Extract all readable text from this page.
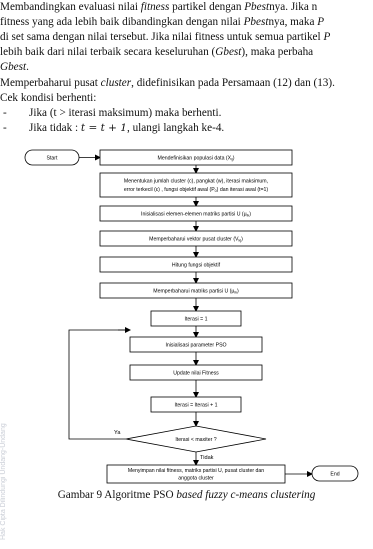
Membandingkan evaluasi nilai fitness partikel dengan Pbestnya. Jika n

fitness yang ada lebih baik dibandingkan dengan nilai Pbestnya, maka P

di set sama dengan nilai tersebut. Jika nilai fitness untuk semua partikel P

lebih baik dari nilai terbaik secara keseluruhan (Gbest), maka perbaha

Gbest.

Memperbaharui pusat cluster, didefinisikan pada Persamaan (12) dan (13).

Cek kondisi berhenti:

- Jika (t > iterasi maksimum) maka berhenti.
- Jika tidak : t = t + 1, ulangi langkah ke-4.
Start	Mendefinisikan populasi data $(X_{ij})$
Menentukan jumlah cluster (c), pangkat (w), iterasi maksimum,
error terkecil (ε) , fungsi objektif awal $(P_0)$ dan iterasi awal (t=1)
Inisialisasi elemen-elemen matriks partisi U $(\mu_{ik})$
Memperbaharui vektor pusat cluster $(V_{kj})$
Hitung fungsi objektif
Memperbaharui matriks partisi U $(\mu_{ik})$
Iterasi = 1
Inisialisasi parameter PSO
Update nilai Fitness
Iterasi = Iterasi + 1
Iterasi < maxiter ?
Ya
Tidak
Menyimpan nilai fitness, matriks partisi U, pusat cluster dan
anggota cluster
End
Gambar 9 Algoritme PSO based fuzzy c-means clustering
Hak Cipta Dilindungi Undang-Undang
